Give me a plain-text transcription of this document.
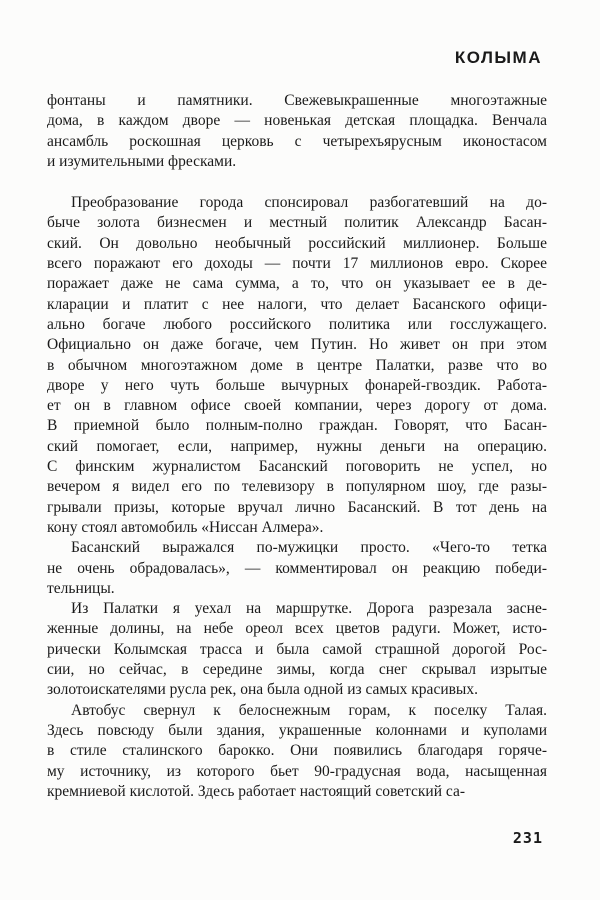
КОЛЫМА
фонтаны и памятники. Свежевыкрашенные многоэтажные
дома, в каждом дворе — новенькая детская площадка. Венчала
ансамбль роскошная церковь с четырехъярусным иконостасом
и изумительными фресками.
Преобразование города спонсировал разбогатевший на до-
быче золота бизнесмен и местный политик Александр Басан-
ский. Он довольно необычный российский миллионер. Больше
всего поражают его доходы — почти 17 миллионов евро. Скорее
поражает даже не сама сумма, а то, что он указывает ее в де-
кларации и платит с нее налоги, что делает Басанского офици-
ально богаче любого российского политика или госслужащего.
Официально он даже богаче, чем Путин. Но живет он при этом
в обычном многоэтажном доме в центре Палатки, разве что во
дворе у него чуть больше вычурных фонарей-гвоздик. Работа-
ет он в главном офисе своей компании, через дорогу от дома.
В приемной было полным-полно граждан. Говорят, что Басан-
ский помогает, если, например, нужны деньги на операцию.
С финским журналистом Басанский поговорить не успел, но
вечером я видел его по телевизору в популярном шоу, где разы-
грывали призы, которые вручал лично Басанский. В тот день на
кону стоял автомобиль «Ниссан Алмера».
Басанский выражался по-мужицки просто. «Чего-то тетка
не очень обрадовалась», — комментировал он реакцию победи-
тельницы.
Из Палатки я уехал на маршрутке. Дорога разрезала засне-
женные долины, на небе ореол всех цветов радуги. Может, исто-
рически Колымская трасса и была самой страшной дорогой Рос-
сии, но сейчас, в середине зимы, когда снег скрывал изрытые
золотоискателями русла рек, она была одной из самых красивых.
Автобус свернул к белоснежным горам, к поселку Талая.
Здесь повсюду были здания, украшенные колоннами и куполами
в стиле сталинского барокко. Они появились благодаря горяче-
му источнику, из которого бьет 90-градусная вода, насыщенная
кремниевой кислотой. Здесь работает настоящий советский са-
231
